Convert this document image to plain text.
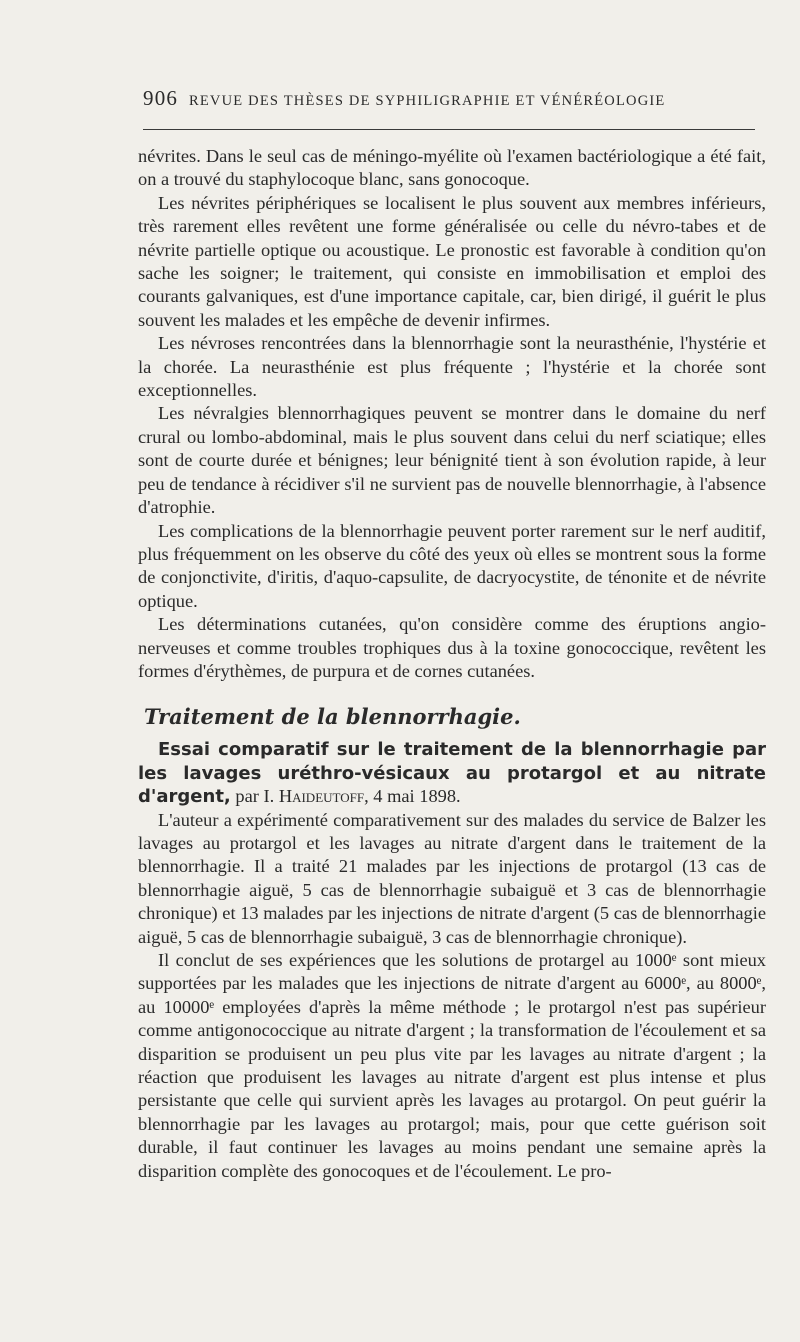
906 REVUE DES THÈSES DE SYPHILIGRAPHIE ET VÉNÉRÉOLOGIE

névrites. Dans le seul cas de méningo-myélite où l'examen bactériologique a été fait, on a trouvé du staphylocoque blanc, sans gonocoque.

Les névrites périphériques se localisent le plus souvent aux membres inférieurs, très rarement elles revêtent une forme généralisée ou celle du névro-tabes et de névrite partielle optique ou acoustique. Le pronostic est favorable à condition qu'on sache les soigner; le traitement, qui consiste en immobilisation et emploi des courants galvaniques, est d'une importance capitale, car, bien dirigé, il guérit le plus souvent les malades et les empêche de devenir infirmes.

Les névroses rencontrées dans la blennorrhagie sont la neurasthénie, l'hystérie et la chorée. La neurasthénie est plus fréquente ; l'hystérie et la chorée sont exceptionnelles.

Les névralgies blennorrhagiques peuvent se montrer dans le domaine du nerf crural ou lombo-abdominal, mais le plus souvent dans celui du nerf sciatique; elles sont de courte durée et bénignes; leur bénignité tient à son évolution rapide, à leur peu de tendance à récidiver s'il ne survient pas de nouvelle blennorrhagie, à l'absence d'atrophie.

Les complications de la blennorrhagie peuvent porter rarement sur le nerf auditif, plus fréquemment on les observe du côté des yeux où elles se montrent sous la forme de conjonctivite, d'iritis, d'aquo-capsulite, de dacryocystite, de ténonite et de névrite optique.

Les déterminations cutanées, qu'on considère comme des éruptions angio-nerveuses et comme troubles trophiques dus à la toxine gonococcique, revêtent les formes d'érythèmes, de purpura et de cornes cutanées.

Traitement de la blennorrhagie.

Essai comparatif sur le traitement de la blennorrhagie par les lavages uréthro-vésicaux au protargol et au nitrate d'argent, par I. Haideutoff, 4 mai 1898.

L'auteur a expérimenté comparativement sur des malades du service de Balzer les lavages au protargol et les lavages au nitrate d'argent dans le traitement de la blennorrhagie. Il a traité 21 malades par les injections de protargol (13 cas de blennorrhagie aiguë, 5 cas de blennorrhagie subaiguë et 3 cas de blennorrhagie chronique) et 13 malades par les injections de nitrate d'argent (5 cas de blennorrhagie aiguë, 5 cas de blennorrhagie subaiguë, 3 cas de blennorrhagie chronique).

Il conclut de ses expériences que les solutions de protargel au 1000ᵉ sont mieux supportées par les malades que les injections de nitrate d'argent au 6000ᵉ, au 8000ᵉ, au 10000ᵉ employées d'après la même méthode ; le protargol n'est pas supérieur comme antigonococcique au nitrate d'argent ; la transformation de l'écoulement et sa disparition se produisent un peu plus vite par les lavages au nitrate d'argent ; la réaction que produisent les lavages au nitrate d'argent est plus intense et plus persistante que celle qui survient après les lavages au protargol. On peut guérir la blennorrhagie par les lavages au protargol; mais, pour que cette guérison soit durable, il faut continuer les lavages au moins pendant une semaine après la disparition complète des gonocoques et de l'écoulement. Le pro-
